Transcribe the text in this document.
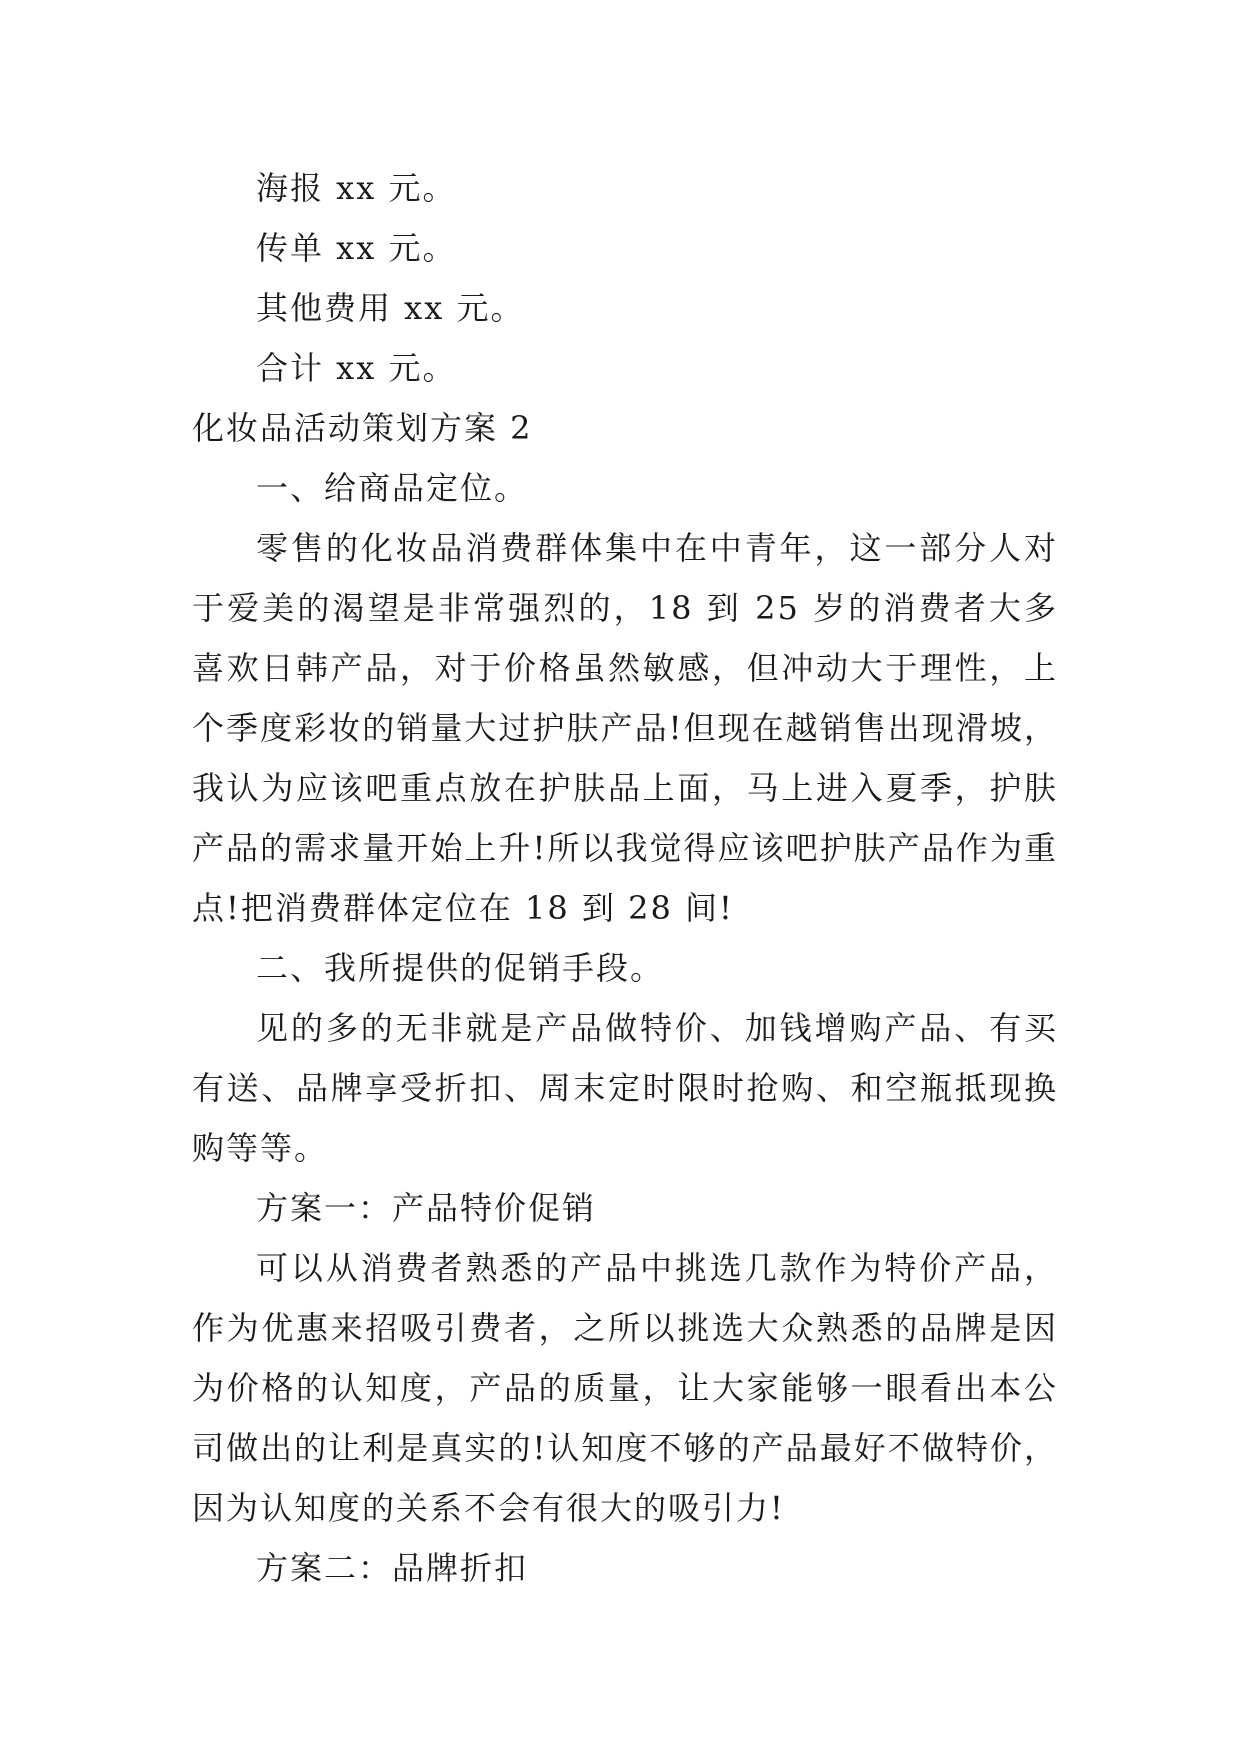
海报 xx 元。

传单 xx 元。

其他费用 xx 元。

合计 xx 元。

化妆品活动策划方案 2

一、给商品定位。

零售的化妆品消费群体集中在中青年，这一部分人对于爱美的渴望是非常强烈的，18 到 25 岁的消费者大多喜欢日韩产品，对于价格虽然敏感，但冲动大于理性，上个季度彩妆的销量大过护肤产品!但现在越销售出现滑坡，我认为应该吧重点放在护肤品上面，马上进入夏季，护肤产品的需求量开始上升!所以我觉得应该吧护肤产品作为重点!把消费群体定位在 18 到 28 间!

二、我所提供的促销手段。

见的多的无非就是产品做特价、加钱增购产品、有买有送、品牌享受折扣、周末定时限时抢购、和空瓶抵现换购等等。

方案一：产品特价促销

可以从消费者熟悉的产品中挑选几款作为特价产品，作为优惠来招吸引费者，之所以挑选大众熟悉的品牌是因为价格的认知度，产品的质量，让大家能够一眼看出本公司做出的让利是真实的!认知度不够的产品最好不做特价，因为认知度的关系不会有很大的吸引力!

方案二：品牌折扣
